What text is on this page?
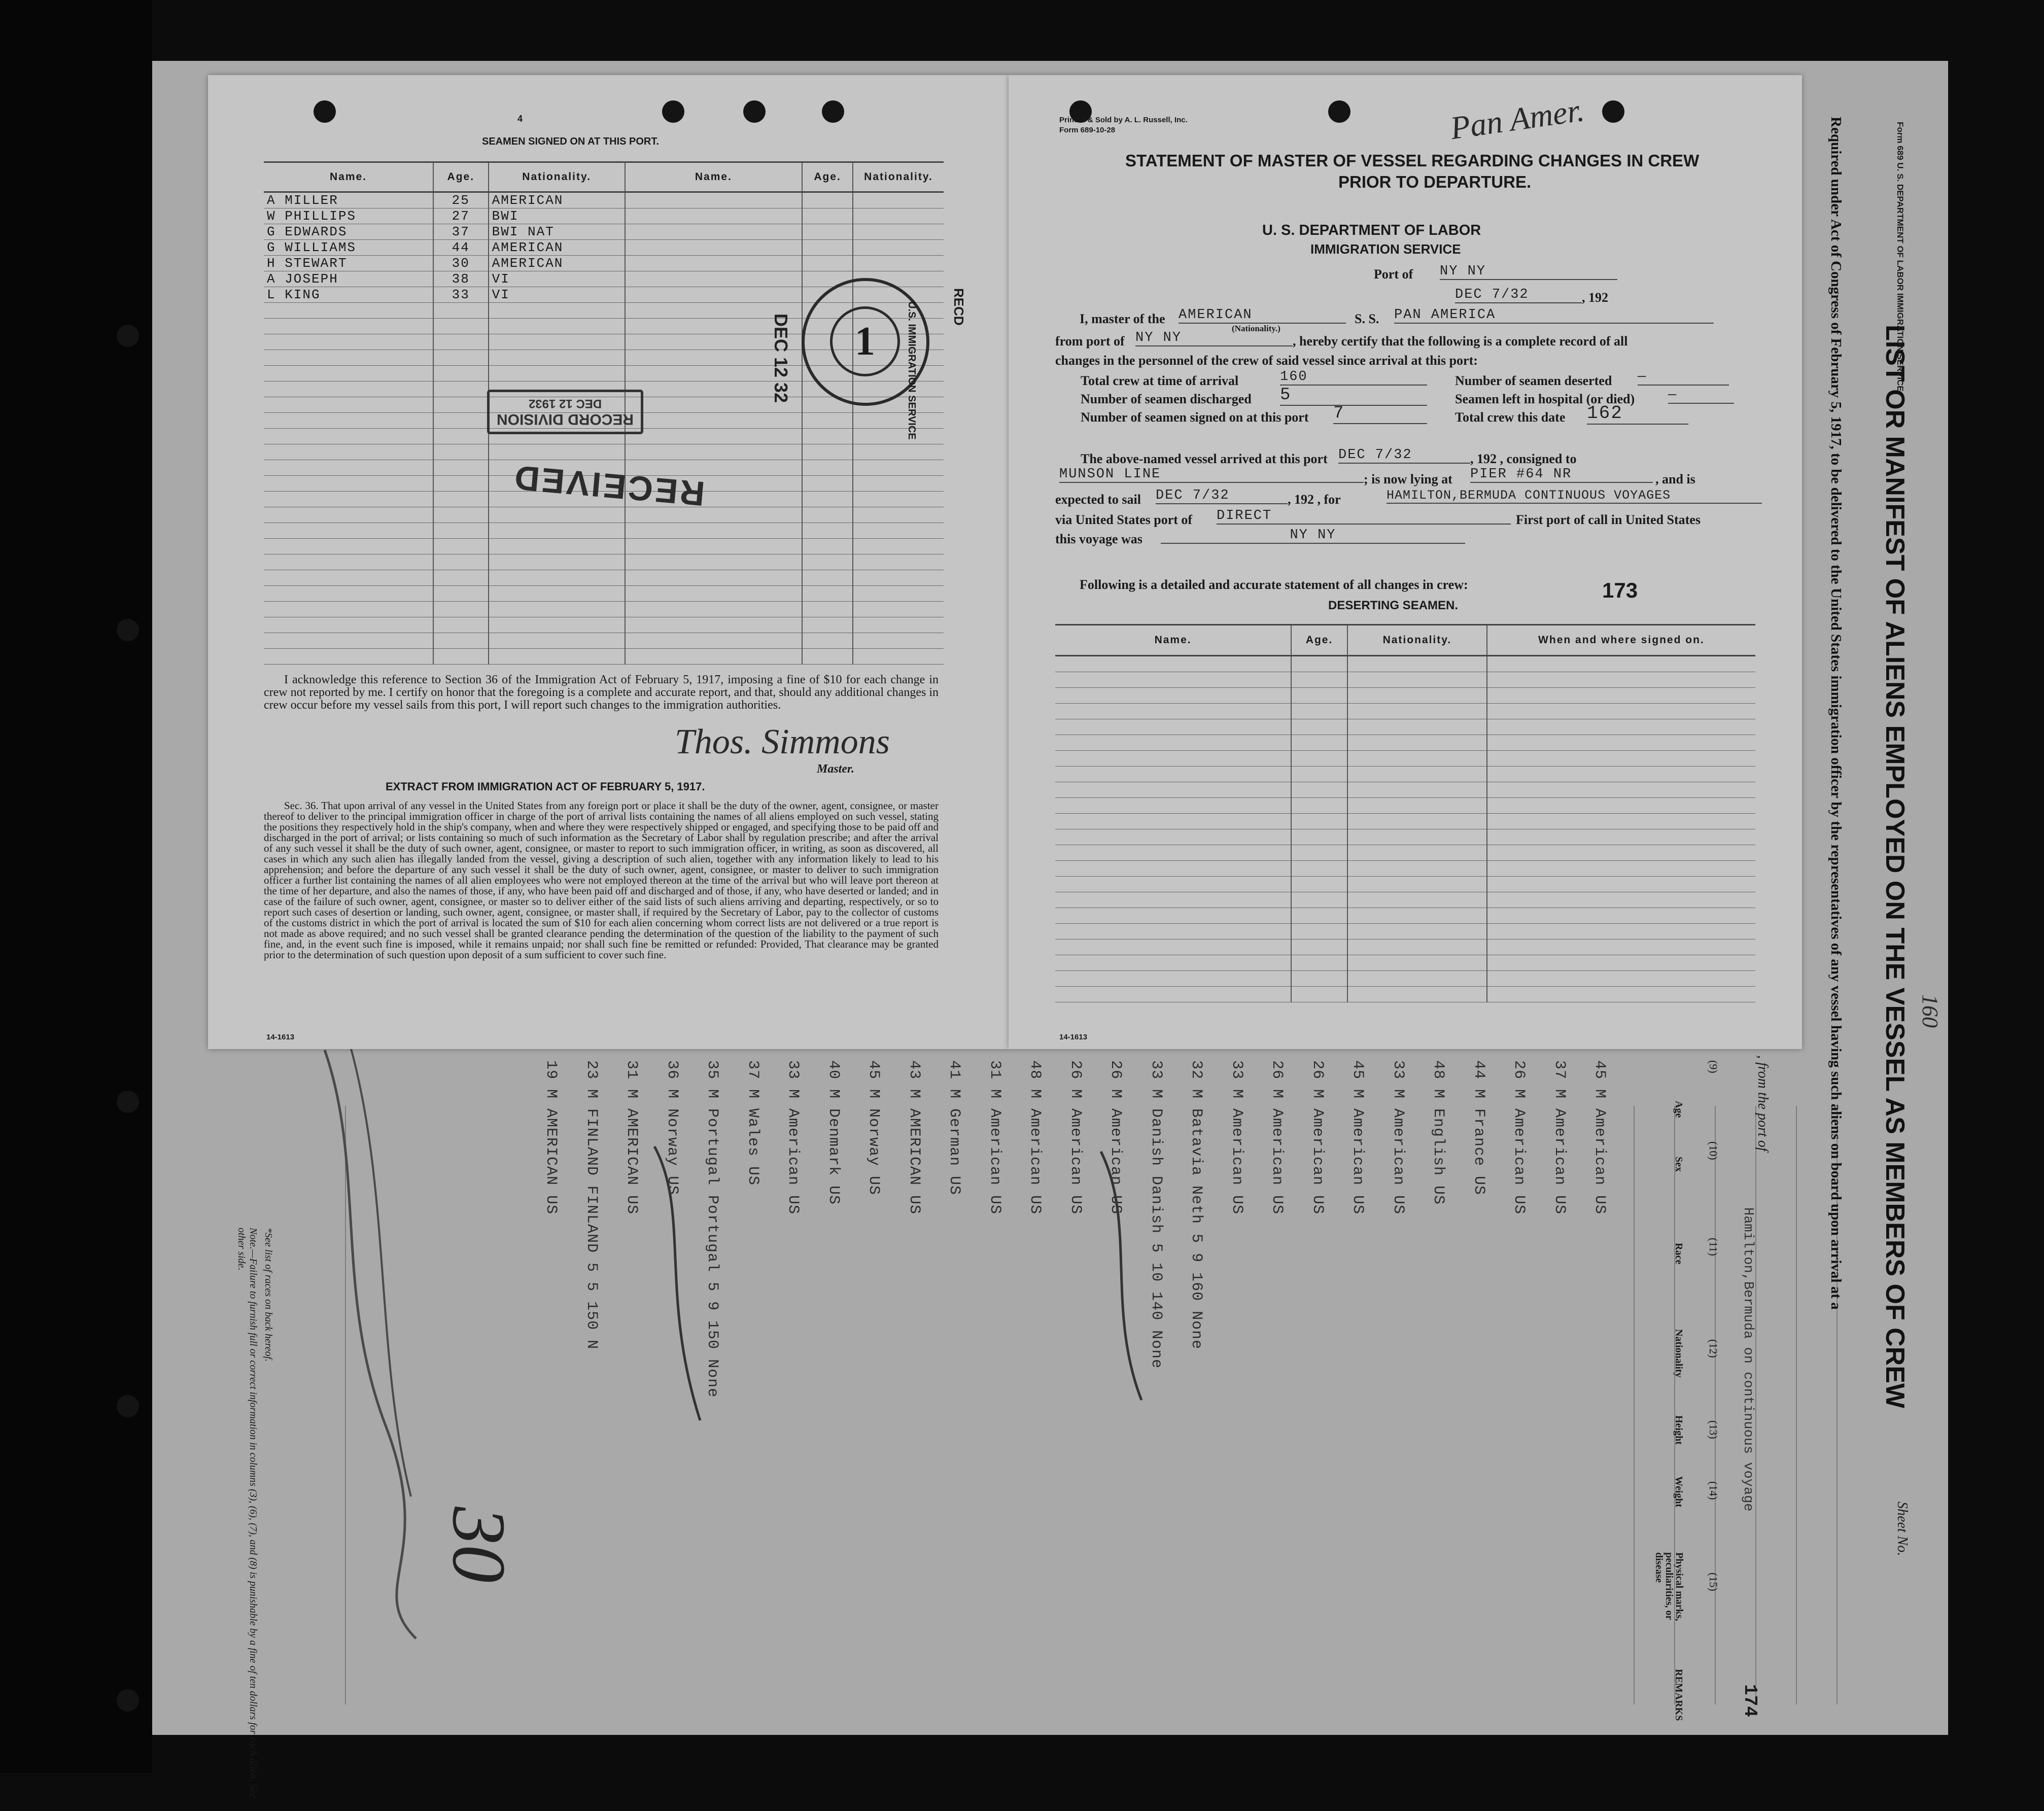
45 M American US
37 M American US
26 M American US
44 M France US
48 M English US
33 M American US
45 M American US
26 M American US
26 M American US
33 M American US
32 M Batavia Neth 5 9 160 None
33 M Danish Danish 5 10 140 None
26 M American US
26 M American US
48 M American US
31 M American US
41 M German US
43 M AMERICAN US
45 M Norway US
40 M Denmark US
33 M American US
37 M Wales US
35 M Portugal Portugal 5 9 150 None
36 M Norway US
31 M AMERICAN US
23 M FINLAND FINLAND 5 5 150 N
19 M AMERICAN US	LIST OR MANIFEST OF ALIENS EMPLOYED ON THE VESSEL AS MEMBERS OF CREW
Required under Act of Congress of February 5, 1917, to be delivered to the United States immigration officer by the representatives of any vessel having such aliens on board upon arrival at a
, from the port of
Hamilton,Bermuda on continuous voyage
Sheet No.
174
160
(9)
(10)
(11)
(12)
(13)
(14)
(15)
Age
Sex
Race
Nationality
Height
Weight
Physical marks, peculiarities, or disease
REMARKS
*See list of races on back hereof.
Note.—Failure to furnish full or correct information in columns (3), (6), (7), and (8) is punishable by a fine of ten dollars for each alien. See other side.
30
4
SEAMEN SIGNED ON AT THIS PORT.
Name.	Age.	Nationality.	Name.	Age.	Nationality.
A MILLER	25	AMERICAN			
W PHILLIPS	27	BWI			
G EDWARDS	37	BWI NAT			
G WILLIAMS	44	AMERICAN			
H STEWART	30	AMERICAN			
A JOSEPH	38	VI			
L KING	33	VI			

RECORD DIVISION
DEC 12 1932
RECEIVED
DEC 12 32	1	U.S. IMMIGRATION SERVICE	RECD
I acknowledge this reference to Section 36 of the Immigration Act of February 5, 1917, imposing a fine of $10 for each change in crew not reported by me. I certify on honor that the foregoing is a complete and accurate report, and that, should any additional changes in crew occur before my vessel sails from this port, I will report such changes to the immigration authorities.
Thos. Simmons
Master.
EXTRACT FROM IMMIGRATION ACT OF FEBRUARY 5, 1917.
Sec. 36. That upon arrival of any vessel in the United States from any foreign port or place it shall be the duty of the owner, agent, consignee, or master thereof to deliver to the principal immigration officer in charge of the port of arrival lists containing the names of all aliens employed on such vessel, stating the positions they respectively hold in the ship's company, when and where they were respectively shipped or engaged, and specifying those to be paid off and discharged in the port of arrival; or lists containing so much of such information as the Secretary of Labor shall by regulation prescribe; and after the arrival of any such vessel it shall be the duty of such owner, agent, consignee, or master to report to such immigration officer, in writing, as soon as discovered, all cases in which any such alien has illegally landed from the vessel, giving a description of such alien, together with any information likely to lead to his apprehension; and before the departure of any such vessel it shall be the duty of such owner, agent, consignee, or master to deliver to such immigration officer a further list containing the names of all alien employees who were not employed thereon at the time of the arrival but who will leave port thereon at the time of her departure, and also the names of those, if any, who have been paid off and discharged and of those, if any, who have deserted or landed; and in case of the failure of such owner, agent, consignee, or master so to deliver either of the said lists of such aliens arriving and departing, respectively, or so to report such cases of desertion or landing, such owner, agent, consignee, or master shall, if required by the Secretary of Labor, pay to the collector of customs of the customs district in which the port of arrival is located the sum of $10 for each alien concerning whom correct lists are not delivered or a true report is not made as above required; and no such vessel shall be granted clearance pending the determination of the question of the liability to the payment of such fine, and, in the event such fine is imposed, while it remains unpaid; nor shall such fine be remitted or refunded: Provided, That clearance may be granted prior to the determination of such question upon deposit of a sum sufficient to cover such fine.
14-1613
Printed & Sold by A. L. Russell, Inc.
Form 689-10-28	Pan Amer.
STATEMENT OF MASTER OF VESSEL REGARDING CHANGES IN CREW
PRIOR TO DEPARTURE.
U. S. DEPARTMENT OF LABOR
IMMIGRATION SERVICE
Port of NY NY
DEC 7/32	, 192
I, master of the AMERICAN
(Nationality.)
S. S. PAN AMERICA
from port of NY NY	, hereby certify that the following is a complete record of all
changes in the personnel of the crew of said vessel since arrival at this port:
Total crew at time of arrival	160	Number of seamen deserted —
Number of seamen discharged 5	Seamen left in hospital (or died) —
Number of seamen signed on at this port 7	Total crew this date 162
The above-named vessel arrived at this port DEC 7/32	, 192 , consigned to
MUNSON LINE	; is now lying at PIER #64 NR	, and is
expected to sail DEC 7/32	, 192 , for	HAMILTON,BERMUDA CONTINUOUS VOYAGES
via United States port of DIRECT	First port of call in United States
this voyage was	NY NY
Following is a detailed and accurate statement of all changes in crew:	173
DESERTING SEAMEN.
Name.	Age.	Nationality.	When and where signed on.

14-1613
